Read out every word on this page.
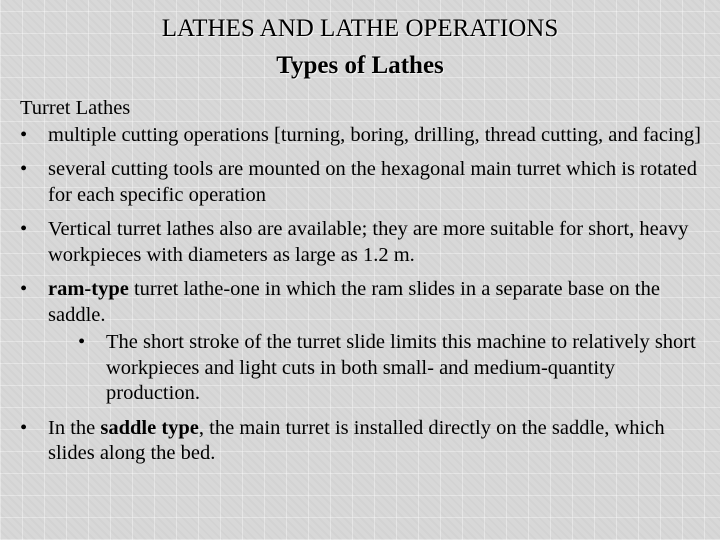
LATHES AND LATHE OPERATIONS
Types of Lathes
Turret Lathes
• multiple cutting operations [turning, boring, drilling, thread cutting, and facing]
• several cutting tools are mounted on the hexagonal main turret which is rotated for each specific operation
• Vertical turret lathes also are available; they are more suitable for short, heavy workpieces with diameters as large as 1.2 m.
• ram-type turret lathe-one in which the ram slides in a separate base on the saddle.
• The short stroke of the turret slide limits this machine to relatively short workpieces and light cuts in both small- and medium-quantity production.
• In the saddle type, the main turret is installed directly on the saddle, which slides along the bed.
